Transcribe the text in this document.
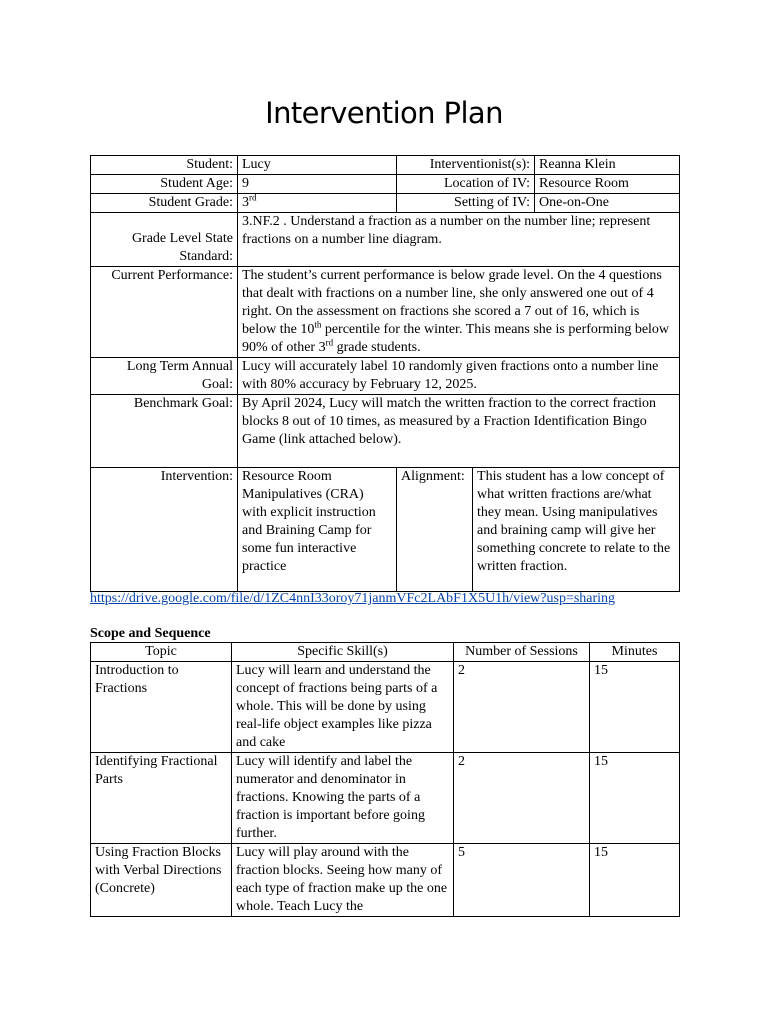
Intervention Plan
Student:	Lucy	Interventionist(s):		Reanna Klein
Student Age:	9	Location of IV:		Resource Room
Student Grade:	3rd	Setting of IV:		One-on-One
Grade Level State Standard:	3.NF.2 . Understand a fraction as a number on the number line; represent fractions on a number line diagram.			
Current Performance:	The student’s current performance is below grade level. On the 4 questions that dealt with fractions on a number line, she only answered one out of 4 right. On the assessment on fractions she scored a 7 out of 16, which is below the 10th percentile for the winter. This means she is performing below 90% of other 3rd grade students.			
Long Term Annual Goal:	Lucy will accurately label 10 randomly given fractions onto a number line with 80% accuracy by February 12, 2025.			
Benchmark Goal:	By April 2024, Lucy will match the written fraction to the correct fraction blocks 8 out of 10 times, as measured by a Fraction Identification Bingo Game (link attached below).			
Intervention:	Resource Room Manipulatives (CRA) with explicit instruction and Braining Camp for some fun interactive practice	Alignment:	This student has a low concept of what written fractions are/what they mean. Using manipulatives and braining camp will give her something concrete to relate to the written fraction.	
https://drive.google.com/file/d/1ZC4nnI33oroy71janmVFc2LAbF1X5U1h/view?usp=sharing
Scope and Sequence
Topic	Specific Skill(s)	Number of Sessions	Minutes
Introduction to Fractions	Lucy will learn and understand the concept of fractions being parts of a whole. This will be done by using real-life object examples like pizza and cake	2	15
Identifying Fractional Parts	Lucy will identify and label the numerator and denominator in fractions. Knowing the parts of a fraction is important before going further.	2	15
Using Fraction Blocks with Verbal Directions (Concrete)	Lucy will play around with the fraction blocks. Seeing how many of each type of fraction make up the one whole. Teach Lucy the	5	15
